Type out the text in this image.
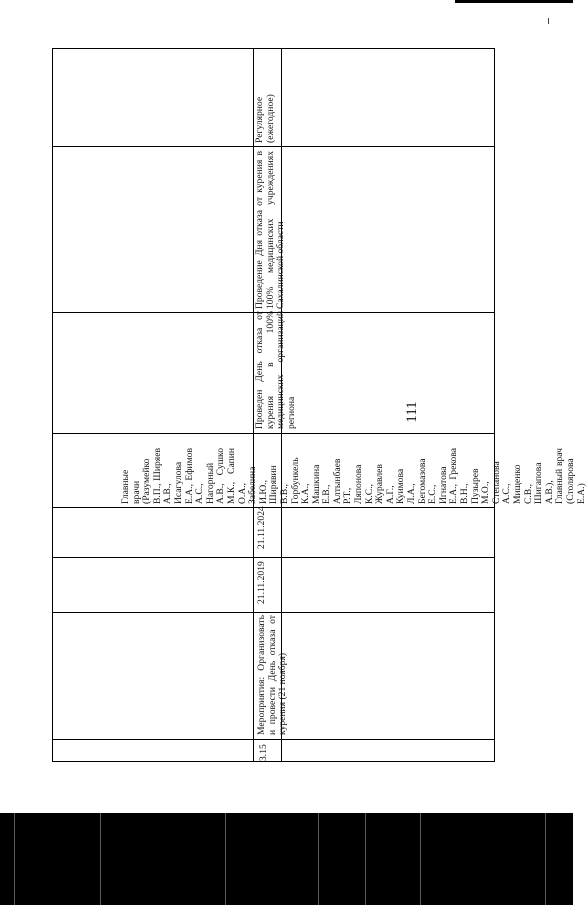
111
Регулярное (ежегодное)
Проведение Дня отказа от курения в 100% медицинских учреждениях Сахалинской области
Проведен День отказа от курения в 100% медицинских организаций региона
Главные врачи (Разумейко В.П., Ширяев А.В., Исагулова Е.А., Ефимов А.С., Нагорный А.В., Сушко М.К., Сапин О.А., Забелина И.Ю., Ширявин В.В., Горбункель К.А., Машкина Е.В., Алтынбаев Р.Т., Ляпонова К.С., Журавлев А.Г., Куимова Л.А., Бегомазова Е.С., Игнатова Е.А., Грекова В.Н., Пузырев М.О., Степанова А.С., Мищенко С.В., Шигапова А.В.), Главный врач (Столярова Е.А.)
21.11.2024
21.11.2019
Мероприятия: Организовать и провести День отказа от курения (21 ноября)
3.15
